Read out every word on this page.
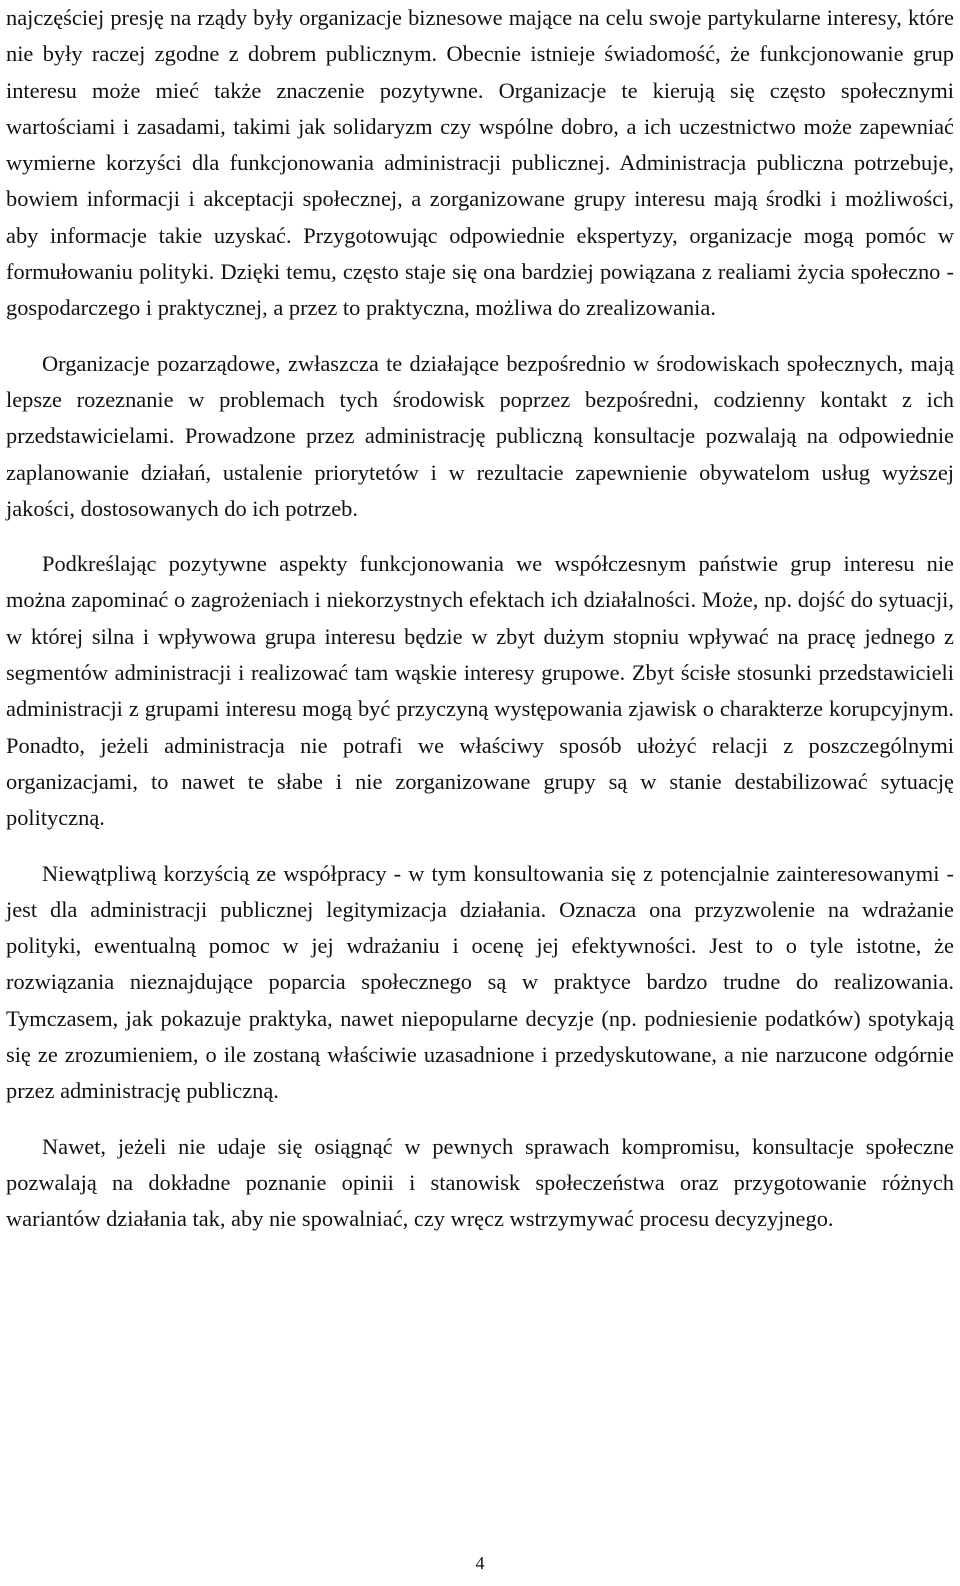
najczęściej presję na rządy były organizacje biznesowe mające na celu swoje partykularne interesy, które nie były raczej zgodne z dobrem publicznym. Obecnie istnieje świadomość, że funkcjonowanie grup interesu może mieć także znaczenie pozytywne. Organizacje te kierują się często społecznymi wartościami i zasadami, takimi jak solidaryzm czy wspólne dobro, a ich uczestnictwo może zapewniać wymierne korzyści dla funkcjonowania administracji publicznej. Administracja publiczna potrzebuje, bowiem informacji i akceptacji społecznej, a zorganizowane grupy interesu mają środki i możliwości, aby informacje takie uzyskać. Przygotowując odpowiednie ekspertyzy, organizacje mogą pomóc w formułowaniu polityki. Dzięki temu, często staje się ona bardziej powiązana z realiami życia społeczno - gospodarczego i praktycznej, a przez to praktyczna, możliwa do zrealizowania.

Organizacje pozarządowe, zwłaszcza te działające bezpośrednio w środowiskach społecznych, mają lepsze rozeznanie w problemach tych środowisk poprzez bezpośredni, codzienny kontakt z ich przedstawicielami. Prowadzone przez administrację publiczną konsultacje pozwalają na odpowiednie zaplanowanie działań, ustalenie priorytetów i w rezultacie zapewnienie obywatelom usług wyższej jakości, dostosowanych do ich potrzeb.

Podkreślając pozytywne aspekty funkcjonowania we współczesnym państwie grup interesu nie można zapominać o zagrożeniach i niekorzystnych efektach ich działalności. Może, np. dojść do sytuacji, w której silna i wpływowa grupa interesu będzie w zbyt dużym stopniu wpływać na pracę jednego z segmentów administracji i realizować tam wąskie interesy grupowe. Zbyt ścisłe stosunki przedstawicieli administracji z grupami interesu mogą być przyczyną występowania zjawisk o charakterze korupcyjnym. Ponadto, jeżeli administracja nie potrafi we właściwy sposób ułożyć relacji z poszczególnymi organizacjami, to nawet te słabe i nie zorganizowane grupy są w stanie destabilizować sytuację polityczną.

Niewątpliwą korzyścią ze współpracy - w tym konsultowania się z potencjalnie zainteresowanymi - jest dla administracji publicznej legitymizacja działania. Oznacza ona przyzwolenie na wdrażanie polityki, ewentualną pomoc w jej wdrażaniu i ocenę jej efektywności. Jest to o tyle istotne, że rozwiązania nieznajdujące poparcia społecznego są w praktyce bardzo trudne do realizowania. Tymczasem, jak pokazuje praktyka, nawet niepopularne decyzje (np. podniesienie podatków) spotykają się ze zrozumieniem, o ile zostaną właściwie uzasadnione i przedyskutowane, a nie narzucone odgórnie przez administrację publiczną.

Nawet, jeżeli nie udaje się osiągnąć w pewnych sprawach kompromisu, konsultacje społeczne pozwalają na dokładne poznanie opinii i stanowisk społeczeństwa oraz przygotowanie różnych wariantów działania tak, aby nie spowalniać, czy wręcz wstrzymywać procesu decyzyjnego.

4
